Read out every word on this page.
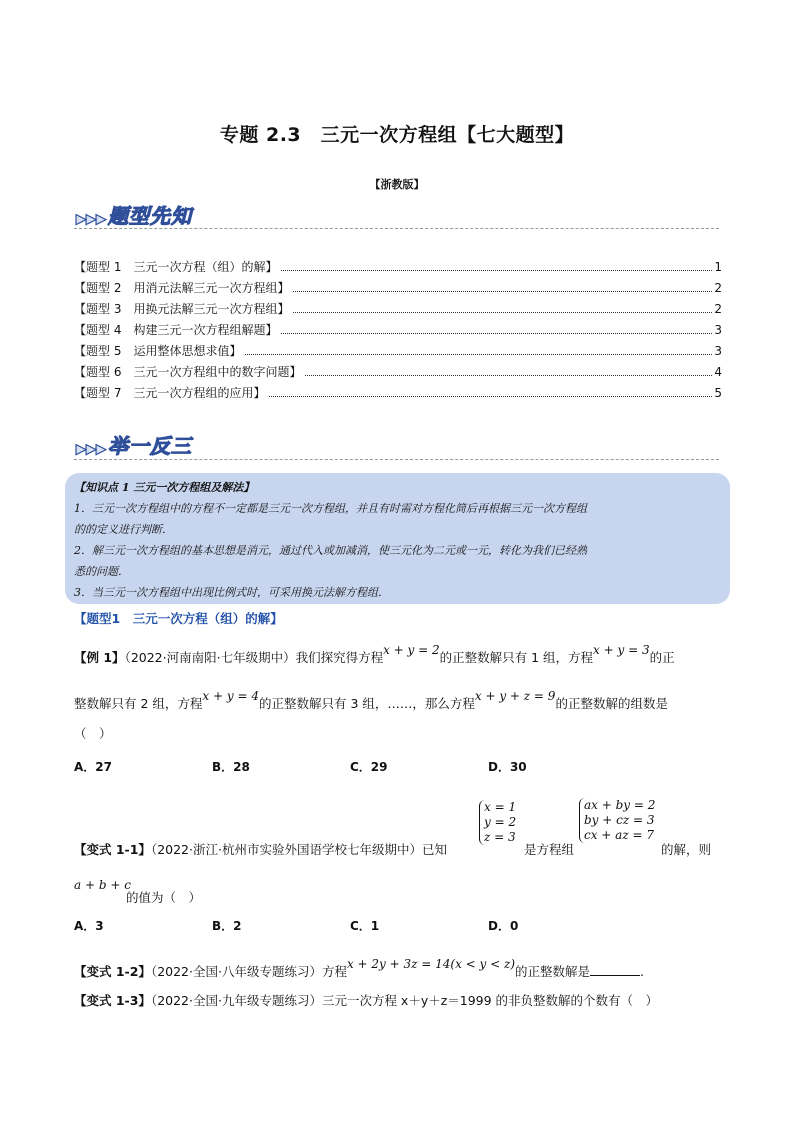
专题 2.3　三元一次方程组【七大题型】
【浙教版】
▶▶▶ 题型先知
【题型 1　三元一次方程（组）的解】	1
【题型 2　用消元法解三元一次方程组】	2
【题型 3　用换元法解三元一次方程组】	2
【题型 4　构建三元一次方程组解题】	3
【题型 5　运用整体思想求值】	3
【题型 6　三元一次方程组中的数字问题】	4
【题型 7　三元一次方程组的应用】	5
▶▶▶ 举一反三
【知识点 1 三元一次方程组及解法】
1．三元一次方程组中的方程不一定都是三元一次方程组，并且有时需对方程化简后再根据三元一次方程组
的的定义进行判断．
2．解三元一次方程组的基本思想是消元，通过代入或加减消，使三元化为二元或一元，转化为我们已经熟
悉的问题．
3．当三元一次方程组中出现比例式时，可采用换元法解方程组．
【题型1　三元一次方程（组）的解】
【例 1】（2022·河南南阳·七年级期中）我们探究得方程x + y = 2的正整数解只有 1 组，方程x + y = 3的正
整数解只有 2 组，方程x + y = 4的正整数解只有 3 组，……，那么方程x + y + z = 9的正整数解的组数是
（　）
A．27	B．28	C．29	D．30
x = 1
y = 2
z = 3
ax + by = 2
by + cz = 3
cx + az = 7
【变式 1-1】（2022·浙江·杭州市实验外国语学校七年级期中）已知	是方程组	的解，则
a + b + c
的值为（　）
A．3	B．2	C．1	D．0
【变式 1-2】（2022·全国·八年级专题练习）方程x + 2y + 3z = 14(x < y < z)的正整数解是	.
【变式 1-3】（2022·全国·九年级专题练习）三元一次方程 x＋y＋z＝1999 的非负整数解的个数有（　）
